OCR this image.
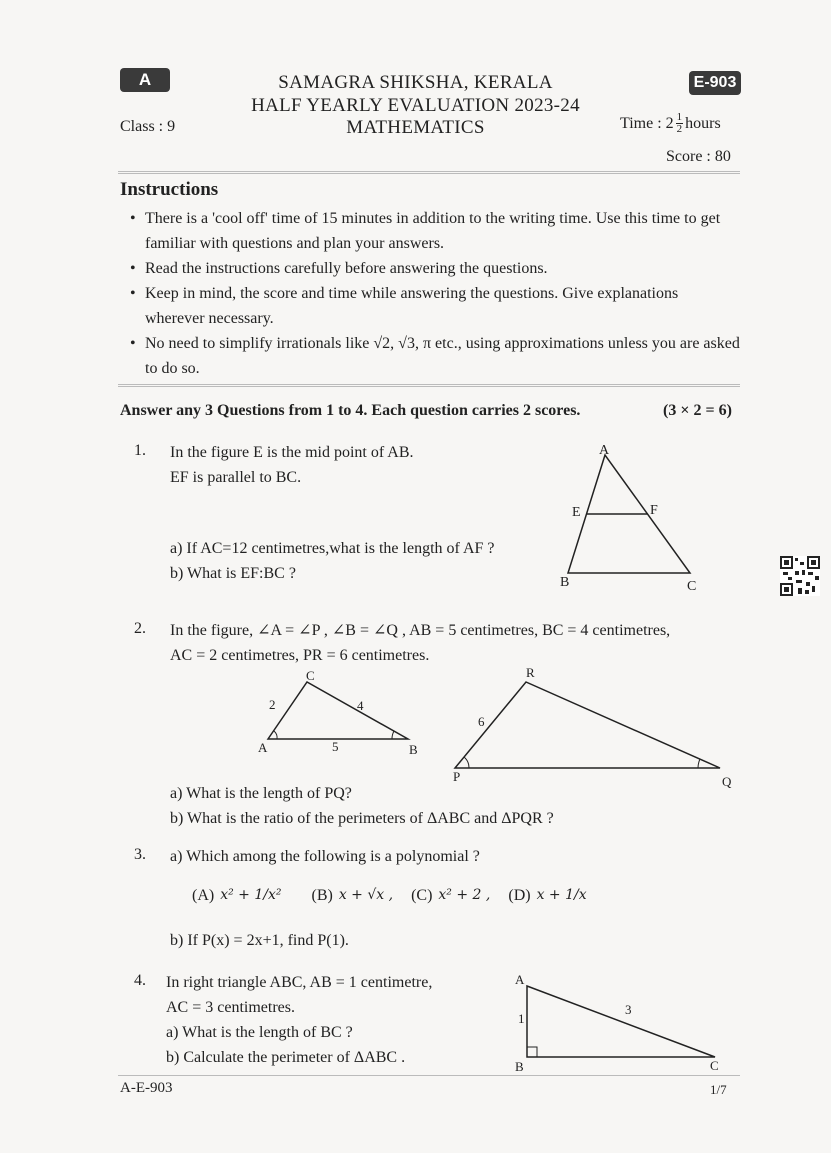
A	E-903
SAMAGRA SHIKSHA, KERALA
HALF YEARLY EVALUATION 2023-24
MATHEMATICS
Class : 9	Time : $2 \frac{1}{2}$ hours
Score : 80
Instructions
• There is a 'cool off' time of 15 minutes in addition to the writing time. Use this time to get familiar with questions and plan your answers.
• Read the instructions carefully before answering the questions.
• Keep in mind, the score and time while answering the questions. Give explanations wherever necessary.
• No need to simplify irrationals like √2, √3, π etc., using approximations unless you are asked to do so.
Answer any 3 Questions from 1 to 4. Each question carries 2 scores.	(3 × 2 = 6)
1. In the figure E is the mid point of AB.
EF is parallel to BC.
a) If AC=12 centimetres,what is the length of AF ?
b) What is EF:BC ?
A
E	F
B	C
2. In the figure, ∠A = ∠P , ∠B = ∠Q , AB = 5 centimetres, BC = 4 centimetres,
AC = 2 centimetres, PR = 6 centimetres.
A
C
B
2	4
5
P
R
Q
6
a) What is the length of PQ?
b) What is the ratio of the perimeters of ΔABC and ΔPQR ?
3. a) Which among the following is a polynomial ?
(A) x² + 1/x² (B) x + √x , (C) x² + 2 , (D) x + 1/x
b) If P(x) = 2x+1, find P(1).
4. In right triangle ABC, AB = 1 centimetre,
AC = 3 centimetres.
a) What is the length of BC ?
b) Calculate the perimeter of ΔABC .
A
B	C
1
3
A-E-903	1/7
